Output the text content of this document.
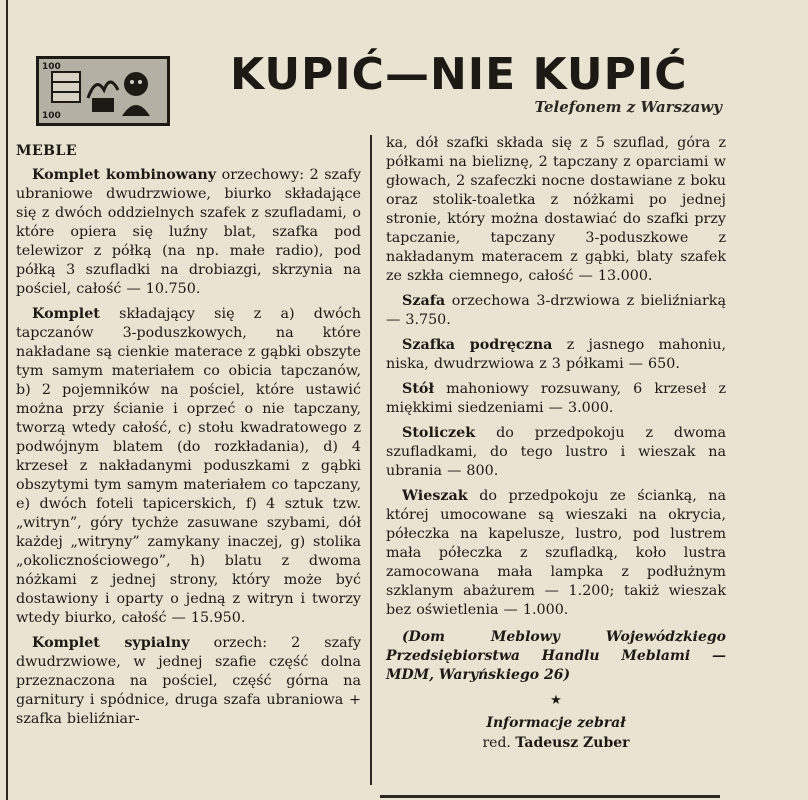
100
100
KUPIĆ—NIE KUPIĆ
Telefonem z Warszawy
MEBLE

Komplet kombinowany orzechowy: 2 szafy ubraniowe dwudrzwiowe, biurko składające się z dwóch oddzielnych szafek z szufladami, o które opiera się luźny blat, szafka pod telewizor z półką (na np. małe radio), pod półką 3 szufladki na drobiazgi, skrzynia na pościel, całość — 10.750.

Komplet składający się z a) dwóch tapczanów 3-poduszkowych, na które nakładane są cienkie materace z gąbki obszyte tym samym materiałem co obicia tapczanów, b) 2 pojemników na pościel, które ustawić można przy ścianie i oprzeć o nie tapczany, tworzą wtedy całość, c) stołu kwadratowego z podwójnym blatem (do rozkładania), d) 4 krzeseł z nakładanymi poduszkami z gąbki obszytymi tym samym materiałem co tapczany, e) dwóch foteli tapicerskich, f) 4 sztuk tzw. „witryn”, góry tychże zasuwane szybami, dół każdej „witryny” zamykany inaczej, g) stolika „okolicznościowego”, h) blatu z dwoma nóżkami z jednej strony, który może być dostawiony i oparty o jedną z witryn i tworzy wtedy biurko, całość — 15.950.

Komplet sypialny orzech: 2 szafy dwudrzwiowe, w jednej szafie część dolna przeznaczona na pościel, część górna na garnitury i spódnice, druga szafa ubraniowa + szafka bieliźniar-

ka, dół szafki składa się z 5 szuflad, góra z półkami na bieliznę, 2 tapczany z oparciami w głowach, 2 szafeczki nocne dostawiane z boku oraz stolik-toaletka z nóżkami po jednej stronie, który można dostawiać do szafki przy tapczanie, tapczany 3-poduszkowe z nakładanym materacem z gąbki, blaty szafek ze szkła ciemnego, całość — 13.000.

Szafa orzechowa 3-drzwiowa z bieliźniarką — 3.750.

Szafka podręczna z jasnego mahoniu, niska, dwudrzwiowa z 3 półkami — 650.

Stół mahoniowy rozsuwany, 6 krzeseł z miękkimi siedzeniami — 3.000.

Stoliczek do przedpokoju z dwoma szufladkami, do tego lustro i wieszak na ubrania — 800.

Wieszak do przedpokoju ze ścianką, na której umocowane są wieszaki na okrycia, półeczka na kapelusze, lustro, pod lustrem mała półeczka z szufladką, koło lustra zamocowana mała lampka z podłużnym szklanym abażurem — 1.200; takiż wieszak bez oświetlenia — 1.000.

(Dom Meblowy Wojewódzkiego Przedsiębiorstwa Handlu Meblami — MDM, Waryńskiego 26)
★
Informacje zebrał
red. Tadeusz Zuber
